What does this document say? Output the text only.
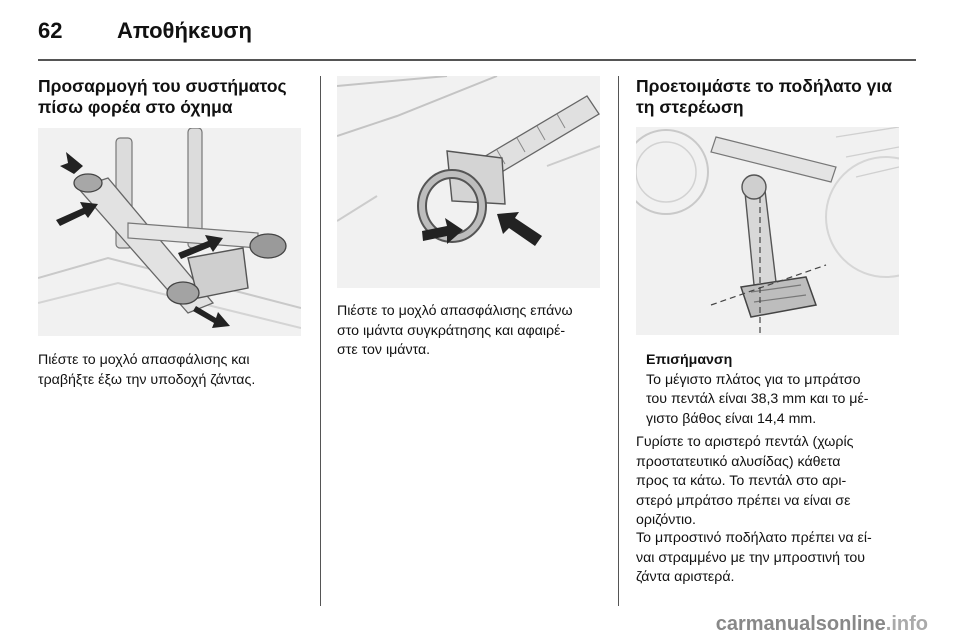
62 Αποθήκευση

Προσαρμογή του συστήματος

πίσω φορέα στο όχημα

Πιέστε το μοχλό απασφάλισης και

τραβήξτε έξω την υποδοχή ζάντας.

Πιέστε το μοχλό απασφάλισης επάνω

στο ιμάντα συγκράτησης και αφαιρέ-

στε τον ιμάντα.

Προετοιμάστε το ποδήλατο για

τη στερέωση

Επισήμανση

Το μέγιστο πλάτος για το μπράτσο

του πεντάλ είναι 38,3 mm και το μέ-

γιστο βάθος είναι 14,4 mm.

Γυρίστε το αριστερό πεντάλ (χωρίς

προστατευτικό αλυσίδας) κάθετα

προς τα κάτω. Το πεντάλ στο αρι-

στερό μπράτσο πρέπει να είναι σε

οριζόντιο.

Το μπροστινό ποδήλατο πρέπει να εί-

ναι στραμμένο με την μπροστινή του

ζάντα αριστερά.

carmanualsonline.info
